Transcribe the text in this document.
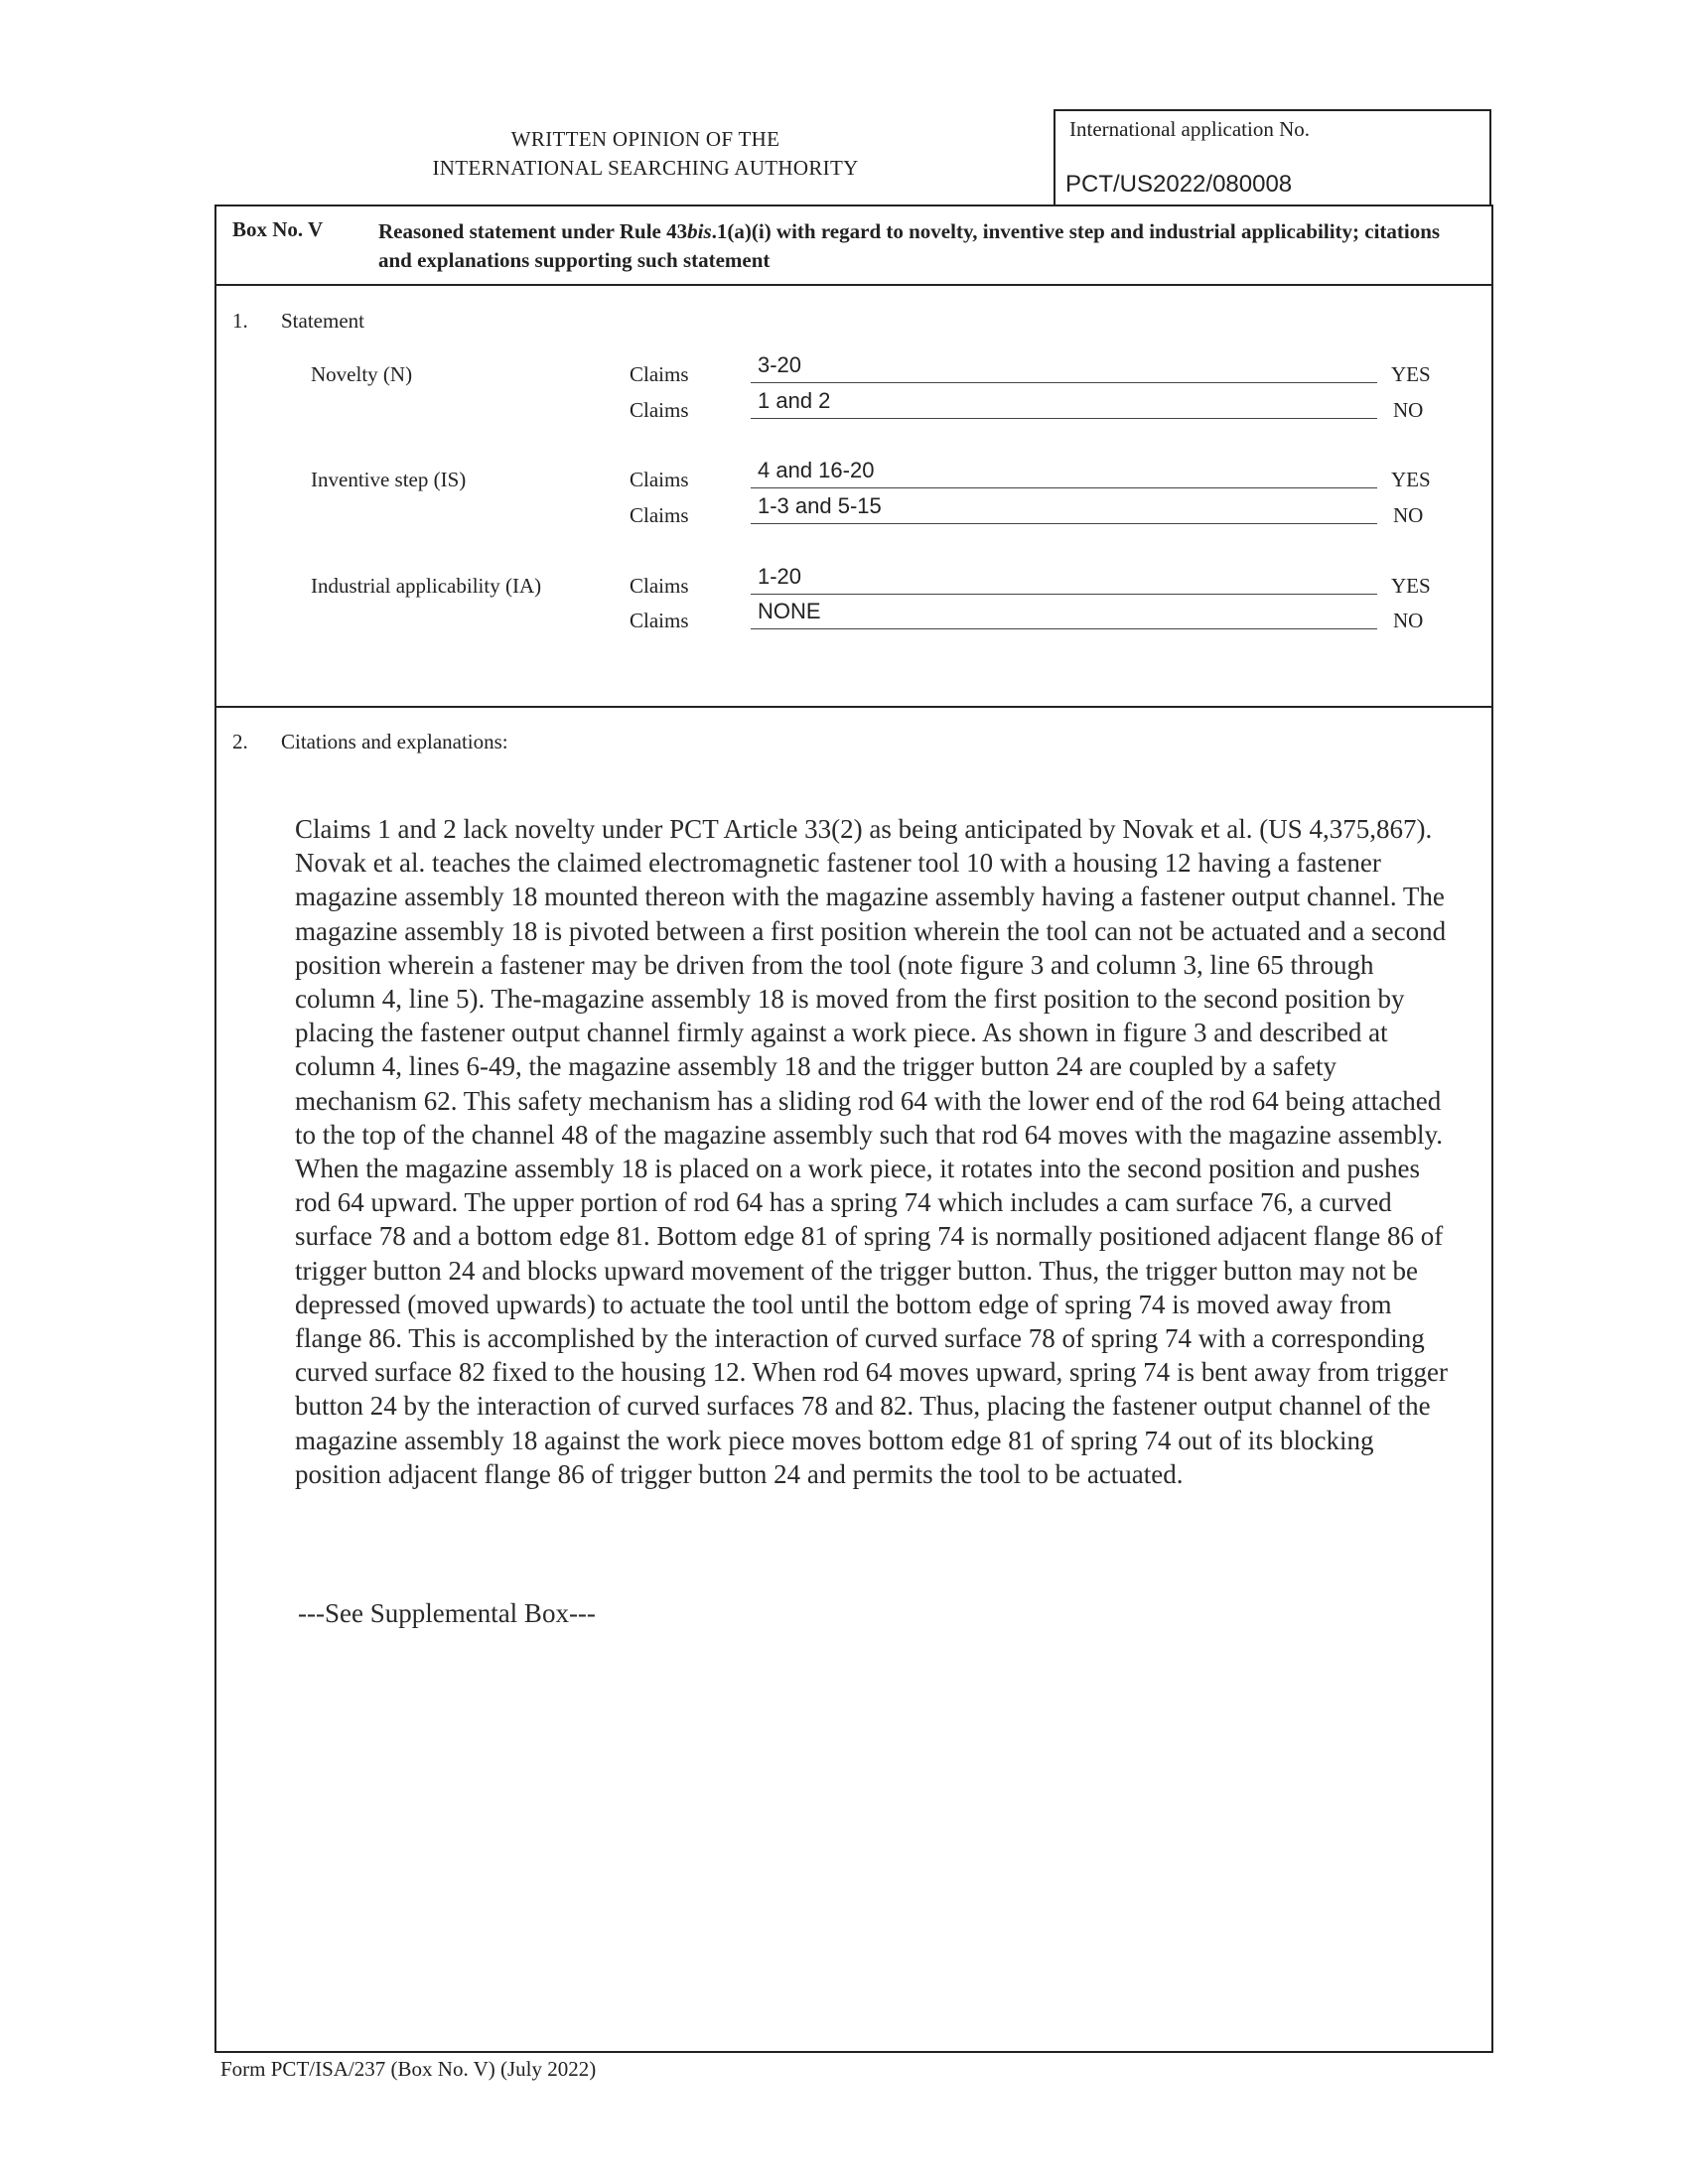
WRITTEN OPINION OF THE
INTERNATIONAL SEARCHING AUTHORITY
International application No.
PCT/US2022/080008
Box No. V	Reasoned statement under Rule 43bis.1(a)(i) with regard to novelty, inventive step and industrial applicability; citations and explanations supporting such statement
1. Statement
Novelty (N)	Claims	3-20	YES
Claims	1 and 2	NO
Inventive step (IS)	Claims	4 and 16-20	YES
Claims	1-3 and 5-15	NO
Industrial applicability (IA)	Claims	1-20	YES
Claims	NONE	NO
2. Citations and explanations:
Claims 1 and 2 lack novelty under PCT Article 33(2) as being anticipated by Novak et al. (US 4,375,867). Novak et al. teaches the claimed electromagnetic fastener tool 10 with a housing 12 having a fastener magazine assembly 18 mounted thereon with the magazine assembly having a fastener output channel. The magazine assembly 18 is pivoted between a first position wherein the tool can not be actuated and a second position wherein a fastener may be driven from the tool (note figure 3 and column 3, line 65 through column 4, line 5). The-magazine assembly 18 is moved from the first position to the second position by placing the fastener output channel firmly against a work piece. As shown in figure 3 and described at column 4, lines 6-49, the magazine assembly 18 and the trigger button 24 are coupled by a safety mechanism 62. This safety mechanism has a sliding rod 64 with the lower end of the rod 64 being attached to the top of the channel 48 of the magazine assembly such that rod 64 moves with the magazine assembly. When the magazine assembly 18 is placed on a work piece, it rotates into the second position and pushes rod 64 upward. The upper portion of rod 64 has a spring 74 which includes a cam surface 76, a curved surface 78 and a bottom edge 81. Bottom edge 81 of spring 74 is normally positioned adjacent flange 86 of trigger button 24 and blocks upward movement of the trigger button. Thus, the trigger button may not be depressed (moved upwards) to actuate the tool until the bottom edge of spring 74 is moved away from flange 86. This is accomplished by the interaction of curved surface 78 of spring 74 with a corresponding curved surface 82 fixed to the housing 12. When rod 64 moves upward, spring 74 is bent away from trigger button 24 by the interaction of curved surfaces 78 and 82. Thus, placing the fastener output channel of the magazine assembly 18 against the work piece moves bottom edge 81 of spring 74 out of its blocking position adjacent flange 86 of trigger button 24 and permits the tool to be actuated.
---See Supplemental Box---
Form PCT/ISA/237 (Box No. V) (July 2022)
